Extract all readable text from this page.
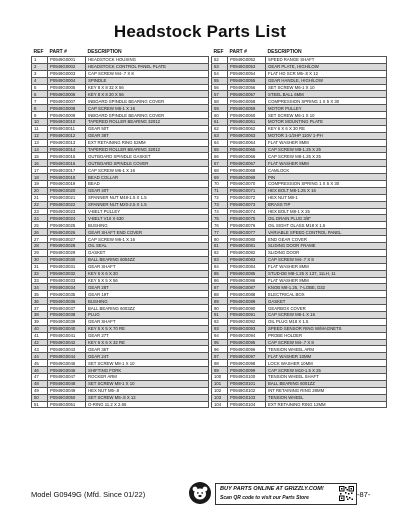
Headstock Parts List
REF	PART #	DESCRIPTION
1	P0949G0001	HEADSTOCK HOUSING
2	P0949G0002	HEADSTOCK CONTROL PANEL PLATE
3	P0949G0003	CAP SCREW M4-.7 X 8
4	P0949G0004	SPINDLE
5	P0949G0005	KEY 8 X 8 32 X 56
6	P0949G0006	KEY 8 X 8 20 X 56
7	P0949G0007	INBOARD SPINDLE BEARING COVER
8	P0949G0008	CAP SCREW M6-1 X 16
9	P0949G0009	INBOARD SPINDLE BEARING COVER
10	P0949G0010	TAPERED ROLLER BEARING 32012
11	P0949G0011	GEAR 50T
12	P0949G0012	GEAR 38T
13	P0949G0013	EXT RETAINING RING 52MM
14	P0949G0014	TAPERED ROLLER BEARING 32012
15	P0949G0015	OUTBOARD SPINDLE GASKET
16	P0949G0016	OUTBOARD SPINDLE COVER
17	P0949G0017	CAP SCREW M6-1 X 16
18	P0949G0018	BEAD COLLAR
19	P0949G0019	BEAD
20	P0949G0020	GEAR 40T
21	P0949G0021	SPANNER NUT M48-1.5 X 1.5
22	P0949G0022	SPANNER NUT M20-2.5 X 1.5
23	P0949G0023	V-BELT PULLEY
24	P0949G0024	V-BELT V10 X 630
25	P0949G0025	BUSHING
26	P0949G0026	GEAR SHAFT END COVER
27	P0949G0027	CAP SCREW M6-1 X 16
28	P0949G0028	OIL SEAL
29	P0949G0029	GASKET
30	P0949G0030	BALL BEARING 6004ZZ
31	P0949G0031	GEAR SHAFT
32	P0949G0032	KEY 6 X 6 X 20
33	P0949G0033	KEY 5 X 5 X 56
34	P0949G0034	GEAR 28T
35	P0949G0035	GEAR 19T
36	P0949G0036	BUSHING
37	P0949G0037	BALL BEARING 6003ZZ
38	P0949G0038	PLUG
39	P0949G0039	GEAR SHAFT
40	P0949G0040	KEY 5 X 5 X 70 RE
41	P0949G0041	GEAR 27T
42	P0949G0042	KEY 6 X 6 X 32 RE
43	P0949G0043	GEAR 36T
44	P0949G0044	GEAR 24T
45	P0949G0045	SET SCREW M8-1 X 10
46	P0949G0046	SHIFTING FORK
47	P0949G0047	ROCKER ARM
48	P0949G0048	SET SCREW M8-1 X 10
49	P0949G0049	HEX NUT M5-.8
50	P0949G0050	SET SCREW M5-.8 X 12
51	P0949G0051	O-RING 11.2 X 2.65
REF	PART #	DESCRIPTION
52	P0949G0052	SPEED RANGE SHAFT
53	P0949G0053	GEAR PLATE, HIGH/LOW
54	P0949G0054	FLAT HD SCR M5-.8 X 12
55	P0949G0055	GEAR HANDLE, HIGH/LOW
56	P0949G0056	SET SCREW M6-1 X 10
57	P0949G0057	STEEL BALL 6MM
58	P0949G0058	COMPRESSION SPRING 1 X 5 X 30
59	P0949G0059	MOTOR PULLEY
60	P0949G0060	SET SCREW M6-1 X 10
61	P0949G0061	MOTOR MOUNTING PLATE
62	P0949G0062	KEY 6 X 6 X 30 RE
63	P0949G0063	MOTOR 1-1/2HP 110V 1-PH
64	P0949G0064	FLAT WASHER 8MM
65	P0949G0065	CAP SCREW M8-1.25 X 25
66	P0949G0066	CAP SCREW M8-1.25 X 25
67	P0949G0067	FLAT WASHER 8MM
68	P0949G0068	CAMLOCK
69	P0949G0069	PIN
70	P0949G0070	COMPRESSION SPRING 1 X 5 X 30
71	P0949G0071	HEX BOLT M8-1.25 X 16
72	P0949G0072	HEX NUT M8-1
73	P0949G0073	BRASS TIP
74	P0949G0074	HEX BOLT M8-1 X 25
75	P0949G0075	OIL DRAIN PLUG 3/8"
76	P0949G0076	OIL SIGHT GLASS M18 X 1.5
77	P0949G0077	VARIABLE SPEED CONTROL PANEL
80	P0949G0080	END GEAR COVER
81	P0949G0081	SLIDING DOOR FRAME
82	P0949G0082	SLIDING DOOR
83	P0949G0083	CAP SCREW M4-.7 X 8
84	P0949G0084	FLAT WASHER 8MM
85	P0949G0085	STUD-DE M8-1.25 X 137, 11LH, 11
86	P0949G0086	FLAT WASHER 8MM
87	P0949G0087	KNOB M8-1.25, 7-LOBE, D32
88	P0949G0088	ELECTRICAL BOX
89	P0949G0089	GASKET
90	P0949G0090	GEARBOX COVER
91	P0949G0091	CAP SCREW M6-1 X 16
92	P0949G0092	OIL PLUG M18 X 1.5
93	P0949G0093	SPEED SENSOR RING W/MAGNETS
94	P0949G0094	PROBE HOLDER
95	P0949G0095	CAP SCREW M4-.7 X 8
96	P0949G0096	TENSION WHEEL ARM
97	P0949G0097	FLAT WASHER 10MM
98	P0949G0098	LOCK WASHER 10MM
99	P0949G0099	CAP SCREW M10-1.5 X 25
100	P0949G0100	TENSION WHEEL SHAFT
101	P0949G0101	BALL BEARING 6001ZZ
102	P0949G0102	INT RETAINING RING 28MM
103	P0949G0103	TENSION WHEEL
104	P0949G0104	EXT RETAINING RING 12MM
Model G0949G (Mfd. Since 01/22)
BUY PARTS ONLINE AT GRIZZLY.COM!
Scan QR code to visit our Parts Store	-87-
